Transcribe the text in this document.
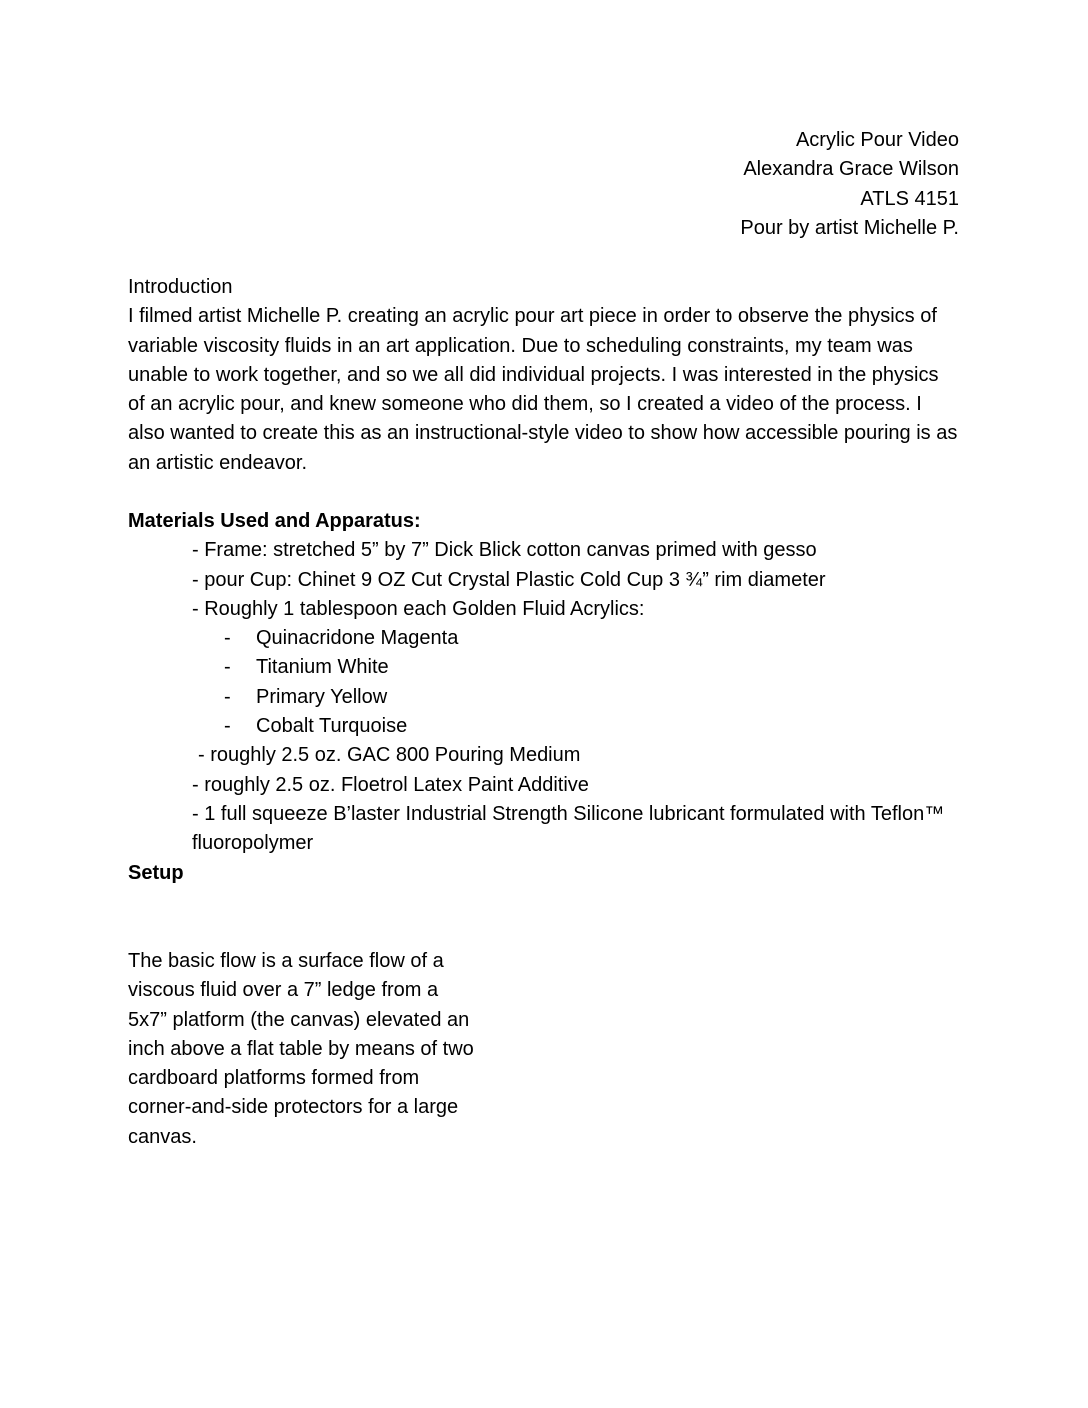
Acrylic Pour Video
Alexandra Grace Wilson
ATLS 4151
Pour by artist Michelle P.
Introduction

I filmed artist Michelle P. creating an acrylic pour art piece in order to observe the physics of variable viscosity fluids in an art application. Due to scheduling constraints, my team was unable to work together, and so we all did individual projects. I was interested in the physics of an acrylic pour, and knew someone who did them, so I created a video of the process. I also wanted to create this as an instructional-style video to show how accessible pouring is as an artistic endeavor.

Materials Used and Apparatus:
- Frame: stretched 5” by 7” Dick Blick cotton canvas primed with gesso
- pour Cup: Chinet 9 OZ Cut Crystal Plastic Cold Cup 3 ¾” rim diameter
- Roughly 1 tablespoon each Golden Fluid Acrylics:
- Quinacridone Magenta
- Titanium White
- Primary Yellow
- Cobalt Turquoise
- roughly 2.5 oz. GAC 800 Pouring Medium
- roughly 2.5 oz. Floetrol Latex Paint Additive
- 1 full squeeze B’laster Industrial Strength Silicone lubricant formulated with Teflon™ fluoropolymer
Setup

The basic flow is a surface flow of a viscous fluid over a 7” ledge from a 5x7” platform (the canvas) elevated an inch above a flat table by means of two cardboard platforms formed from corner-and-side protectors for a large canvas.
